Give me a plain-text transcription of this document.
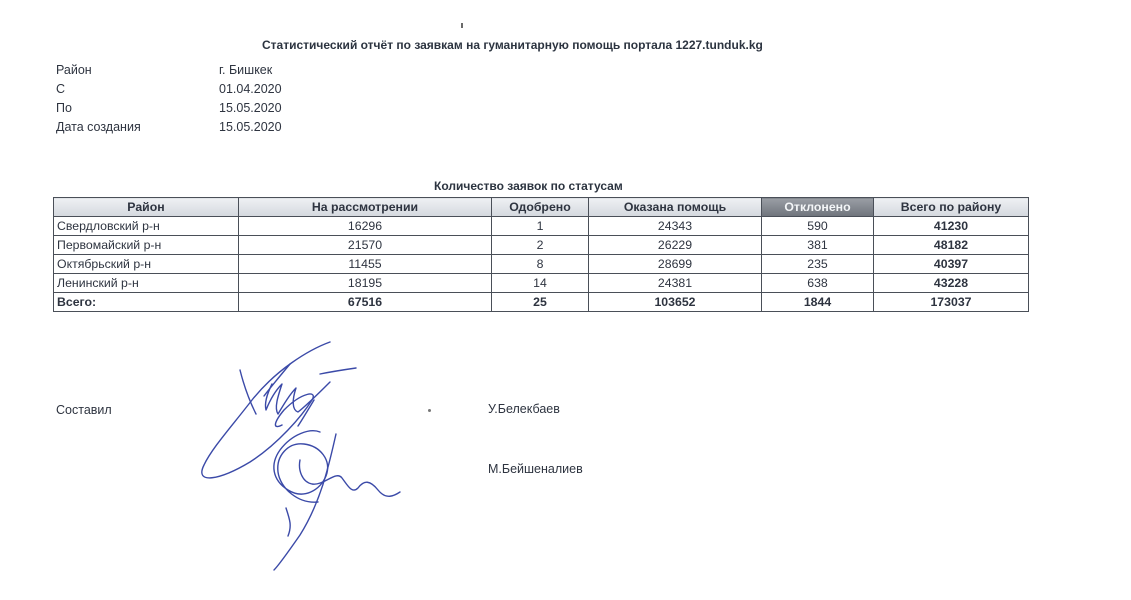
Статистический отчёт по заявкам на гуманитарную помощь портала 1227.tunduk.kg
Район	г. Бишкек
С	01.04.2020
По	15.05.2020
Дата создания	15.05.2020
Количество заявок по статусам
Район	На рассмотрении	Одобрено	Оказана помощь	Отклонено	Всего по району
Свердловский р-н	16296	1	24343	590	41230
Первомайский р-н	21570	2	26229	381	48182
Октябрьский р-н	11455	8	28699	235	40397
Ленинский р-н	18195	14	24381	638	43228
Всего:	67516	25	103652	1844	173037
Составил	У.Белекбаев
М.Бейшеналиев
